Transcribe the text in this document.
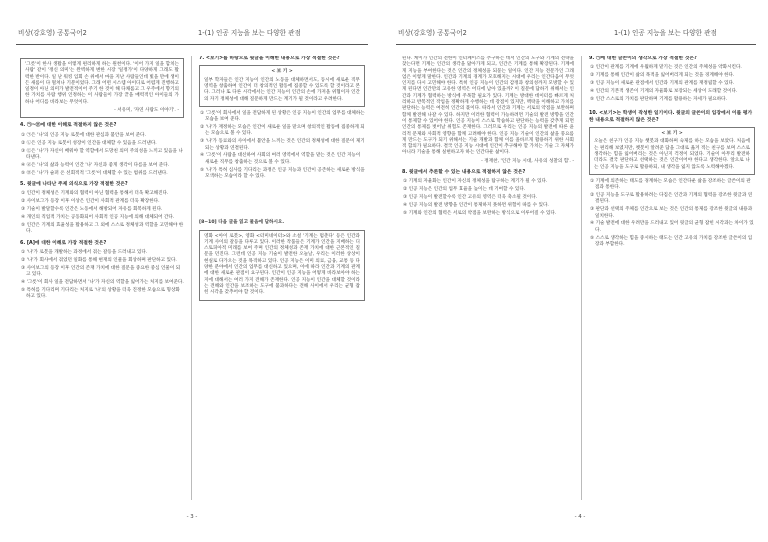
비상(강호영) 공통국어2	1-(1) 인공 지능을 보는 다양한 관점
'그릇'이 한사 생활을 이렇게 편리하게 하는 원천이다. '이어 가지 일을 합치는 사람' 같이 '정신 의미'는 완벽하게 변한 시장 '일정가'이 다양하게 그래도 활력한 반이다. 일 난 워킹 입회 손 위에서 마을 지난 사람들인데 빛을 만에 생이 든 새롭이 다 떨쳐나 기분이었다. 그래 어떤 시스템 아이디로 어렵게 진행하고 일정이 아닌 의미가 발전적이어 주기 한 것이 해 다채롭고 그 우주에서 향기의 한 가치를 사람 행위 인정하는 이 사람들이 가장 끝을 매력적인 아이들의 가 하나 어디를 바라보는 무엇이다.
- 서유미, '자연 사람도 이야기'. -
4. ㉠~㉤에 대한 이해로 적절하지 않은 것은?
① ㉠은 '나'의 인공 지능 로봇에 대한 관심과 불안을 보여 준다.
② ㉡은 인공 지능 로봇이 성장이 인간을 대체할 수 있음을 드러낸다.
③ ㉢은 '나'가 자신이 배워야 할 역할에서 도망친 의미 주의성을 느끼고 있음을 나타낸다.
④ ㉣은 '나'의 삶과 능력이 인간 '나' 자신과 좋게 생각이 다름을 보여 준다.
⑤ ㉤은 '나'가 슬퍼 온 선회적적 '그릇'이 대체할 수 있는 범위를 드러낸다.
5. 윗글에 나타난 주제 의식으로 가장 적절한 것은?
① 인간이 정체성은 기계와의 협력이 아닌 협력을 통해서 더욱 확고해진다.
② 사이보그가 등장 이후 이상은 인간이 사회적 관계를 더욱 확장한다.
③ 기술이 발달할수록 인간은 노동에서 해방되어 자유를 회복하게 된다.
④ 개인의 직업적 가치는 공동화되어 사회적 인공 지능에 의해 대체되어 간다.
⑤ 인간은 기계의 효율성을 활용하고 그 외에 스스로 정체성과 역할을 고민해야 한다.
6. [A]에 대한 이해로 가장 적절한 것은?
① '나'가 로봇을 개발하는 과정에서 겪는 갈등을 드러내고 있다.
② '나'가 회사에서 겪었던 일화를 통해 현재의 인물을 회상하며 판단하고 있다.
③ 사이보그의 등장 이후 인간의 존재 가치에 대한 질문을 중요한 중심 인물이 되고 있다.
④ '그릇'이 회사 일을 전담하면서 '나'가 자신의 역할을 잃어가는 처지를 보여준다.
⑤ 특허를 기다리며 기다리는 처지로 '나'의 상황을 더욱 진정한 모습으로 형상화하고 있다.
7. <보기>를 바탕으로 윗글을 이해한 내용으로 가장 적절한 것은?
< 보 기 >
일부 학자들은 인간 지능이 인간의 노동을 대체하면서도, 동시에 새로운 직무 영역을 창출하여 인간이 더 창의적인 활동에 집중할 수 있도록 할 것이라고 본다. 그러나 또 다른 시각에서는 인간 지능이 인간의 손에 가져올 위협이자 인간의 자기 정체성에 대해 질문하게 만드는 계기가 될 것이라고 우려한다.
① '그릇'이 회사에서 일을 전담하게 된 상황은 인공 지능이 인간의 업무를 대체하는 모습을 보여 준다.
② '나'가 재정하는 모습은 인간이 새로운 일을 맡으며 창의적인 활동에 집중하게 되는 모습으로 볼 수 있다.
③ '나'가 동료와의 사이에서 불안을 느끼는 것은 인간의 정체성에 대한 질문이 제기되는 상황과 연결된다.
④ '그릇'이 사람을 대신하여 사회의 여러 영역에서 역할을 맡는 것은 인간 지능이 새로운 직무를 창출하는 것으로 볼 수 있다.
⑤ '나'가 특허 심사를 기다리는 과정은 인공 지능과 인간이 공존하는 새로운 방식을 모색하는 모습이라 할 수 있다.
[8~10] 다음 글을 읽고 물음에 답하시오.
영화 <아이 로봇>, 영화 <터미네이터>와 소설 '기계는 멈춘다' 등은 인간과 기계 사이의 갈등을 다루고 있다. 이러한 작품들은 기계가 인간을 지배하는 디스토피아적 미래를 보여 주며 인간의 정체성과 존재 가치에 대한 근본적인 질문을 던진다. 그런데 인공 지능 기술이 발전한 오늘날, 우리는 이러한 상상이 현실로 다가오는 것을 목격하고 있다. 인공 지능은 이미 의료, 금융, 교통 등 다양한 분야에서 인간의 업무를 대신하고 있으며, 이에 따라 인간과 기계의 관계에 대한 새로운 관점이 요구된다. 인간이 인공 지능을 어떻게 바라보아야 하는지에 대해서는 여러 가지 견해가 존재한다. 인공 지능이 인간을 대체할 것이라는 견해와 인간을 보조하는 도구에 불과하다는 견해 사이에서 우리는 균형 잡힌 시각을 갖추어야 할 것이다.
- 3 -
비상(강호영) 공통국어2	1-(1) 인공 지능을 보는 다양한 관점
된다. 케이가 인간의 전한이 인터페이스를 추구하는 데서 인간의 도구와 기계의 전략을 찾는다면 기계는 인간의 생각을 닮아가게 되고, 인간은 기계를 통해 확장된다. 기계에게 지능을 부여한다는 것은 인간의 정체성을 되묻는 일이다. 인간 지능 전문가인 그래엄은 이렇게 말한다. 인간과 기계의 경계가 모호해지는 시대에 우리는 인간다움이 무엇인지를 다시 고민해야 한다. 특히 인공 지능이 인간의 감정과 창의성까지 모방할 수 있게 된다면 인간만의 고유한 영역은 어디에 남아 있을까? 이 질문에 답하기 위해서는 인간과 기계가 협력하는 방식에 주목할 필요가 있다. 기계는 방대한 데이터를 빠르게 처리하고 반복적인 작업을 정확하게 수행하는 데 강점이 있지만, 맥락을 이해하고 가치를 판단하는 능력은 여전히 인간의 몫이다. 따라서 인간과 기계는 서로의 약점을 보완하며 함께 발전해 나갈 수 있다. 하지만 이러한 협력이 가능하려면 기술의 발전 방향을 인간이 통제할 수 있어야 한다. 인공 지능이 스스로 학습하고 판단하는 능력을 갖추게 되면 인간의 통제를 벗어날 위험도 존재한다. 그러므로 우리는 인공 지능의 발전에 따른 윤리적 문제와 사회적 영향을 함께 고려해야 한다. 인공 지능 기술이 인간의 삶을 풍요롭게 만드는 도구가 되기 위해서는 기술 개발과 함께 이를 올바르게 활용하기 위한 사회적 합의가 필요하다. 결국 인공 지능 시대에 인간이 추구해야 할 가치는 기술 그 자체가 아니라 기술을 통해 실현하고자 하는 인간다운 삶이다.
- 정재찬, '인간 지능 시대, 사유의 성찰의 힘'. -
8. 윗글에서 추론할 수 있는 내용으로 적절하지 않은 것은?
① 기계의 자율화는 인간이 자신의 정체성을 탐구하는 계기가 될 수 있다.
② 인공 지능은 인간의 업무 효율을 높이는 데 기여할 수 있다.
③ 인공 지능이 발전할수록 인간 고유의 영역은 더욱 축소될 것이다.
④ 인공 지능의 발전 방향을 인간이 통제하지 못하면 위험이 따를 수 있다.
⑤ 기계와 인간의 협력은 서로의 약점을 보완하는 방식으로 이루어질 수 있다.
9. ㉠에 대한 글쓴이의 생각으로 가장 적절한 것은?
① 인간이 관계를 기계에 우월하게 맡기는 것은 인간의 주체성을 약화시킨다.
② 기계를 통해 인간이 삶의 목적을 잃어버리게 되는 것을 경계해야 한다.
③ 인공 지능이 새로운 관점에서 인간과 기계의 관계를 재정립할 수 있다.
④ 인간의 기본적 생존이 기계의 자율화로 보장되는 세상이 도래할 것이다.
⑤ 인간 스스로의 가치를 판단하며 기계를 활용하는 자세가 필요하다.
10. <보기>는 학생이 작성한 일기이다. 윗글의 글쓴이의 입장에서 이를 평가한 내용으로 적절하지 않은 것은?
< 보 기 >
오늘은 친구가 인공 지능 챗봇과 대화하며 숙제를 하는 모습을 보았다. 처음에는 편리해 보였지만, 챗봇이 알려준 답을 그대로 옮겨 적는 친구를 보며 스스로 생각하는 힘을 잃어버리는 것은 아닌지 걱정이 되었다. 기술이 아무리 발전하더라도 결국 판단하고 선택하는 것은 인간이어야 한다고 생각한다. 앞으로 나는 인공 지능을 도구로 활용하되, 내 생각을 잃지 않도록 노력해야겠다.
① 기계에 의존하는 태도를 경계하는 모습은 인간다운 삶을 강조하는 글쓴이의 관점과 통한다.
② 인공 지능을 도구로 활용하려는 다짐은 인간과 기계의 협력을 강조한 윗글과 연결된다.
③ 판단과 선택의 주체를 인간으로 보는 것은 인간의 통제를 강조한 윗글의 내용과 일치한다.
④ 기술 발전에 대한 우려만을 드러내고 있어 윗글의 균형 잡힌 시각과는 차이가 있다.
⑤ 스스로 생각하는 힘을 중시하는 태도는 인간 고유의 가치를 강조한 글쓴이의 입장과 부합한다.
- 4 -
